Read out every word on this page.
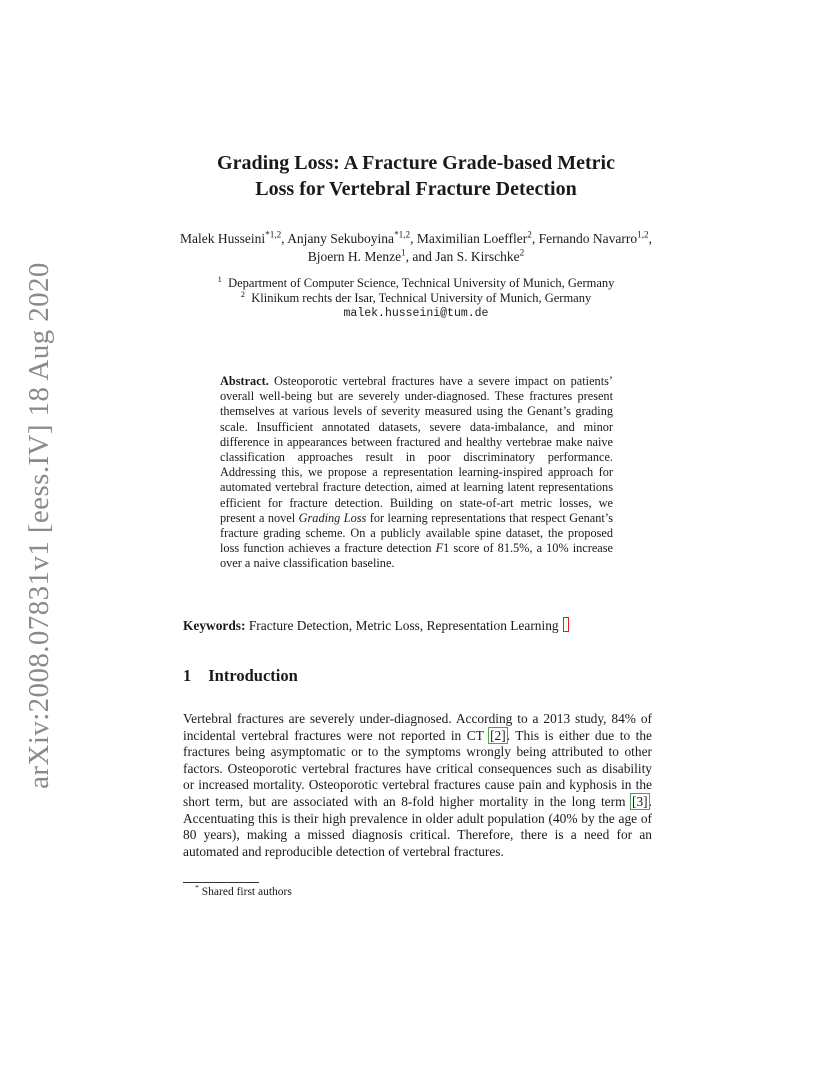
arXiv:2008.07831v1 [eess.IV] 18 Aug 2020
Grading Loss: A Fracture Grade-based Metric
Loss for Vertebral Fracture Detection
Malek Husseini$^{*1,2}$, Anjany Sekuboyina$^{*1,2}$, Maximilian Loeffler$^2$, Fernando Navarro$^{1,2}$, Bjoern H. Menze$^1$, and Jan S. Kirschke$^2$
$^1$ Department of Computer Science, Technical University of Munich, Germany
$^2$ Klinikum rechts der Isar, Technical University of Munich, Germany
malek.husseini@tum.de
Abstract. Osteoporotic vertebral fractures have a severe impact on patients’ overall well-being but are severely under-diagnosed. These fractures present themselves at various levels of severity measured using the Genant’s grading scale. Insufficient annotated datasets, severe data-imbalance, and minor difference in appearances between fractured and healthy vertebrae make naive classification approaches result in poor discriminatory performance. Addressing this, we propose a representation learning-inspired approach for automated vertebral fracture detection, aimed at learning latent representations efficient for fracture detection. Building on state-of-art metric losses, we present a novel Grading Loss for learning representations that respect Genant’s fracture grading scheme. On a publicly available spine dataset, the proposed loss function achieves a fracture detection F1 score of 81.5%, a 10% increase over a naive classification baseline.
Keywords: Fracture Detection, Metric Loss, Representation Learning
1 Introduction
Vertebral fractures are severely under-diagnosed. According to a 2013 study, 84% of incidental vertebral fractures were not reported in CT [2]. This is either due to the fractures being asymptomatic or to the symptoms wrongly being attributed to other factors. Osteoporotic vertebral fractures have critical consequences such as disability or increased mortality. Osteoporotic vertebral fractures cause pain and kyphosis in the short term, but are associated with an 8-fold higher mortality in the long term [3]. Accentuating this is their high prevalence in older adult population (40% by the age of 80 years), making a missed diagnosis critical. Therefore, there is a need for an automated and reproducible detection of vertebral fractures.
* Shared first authors
